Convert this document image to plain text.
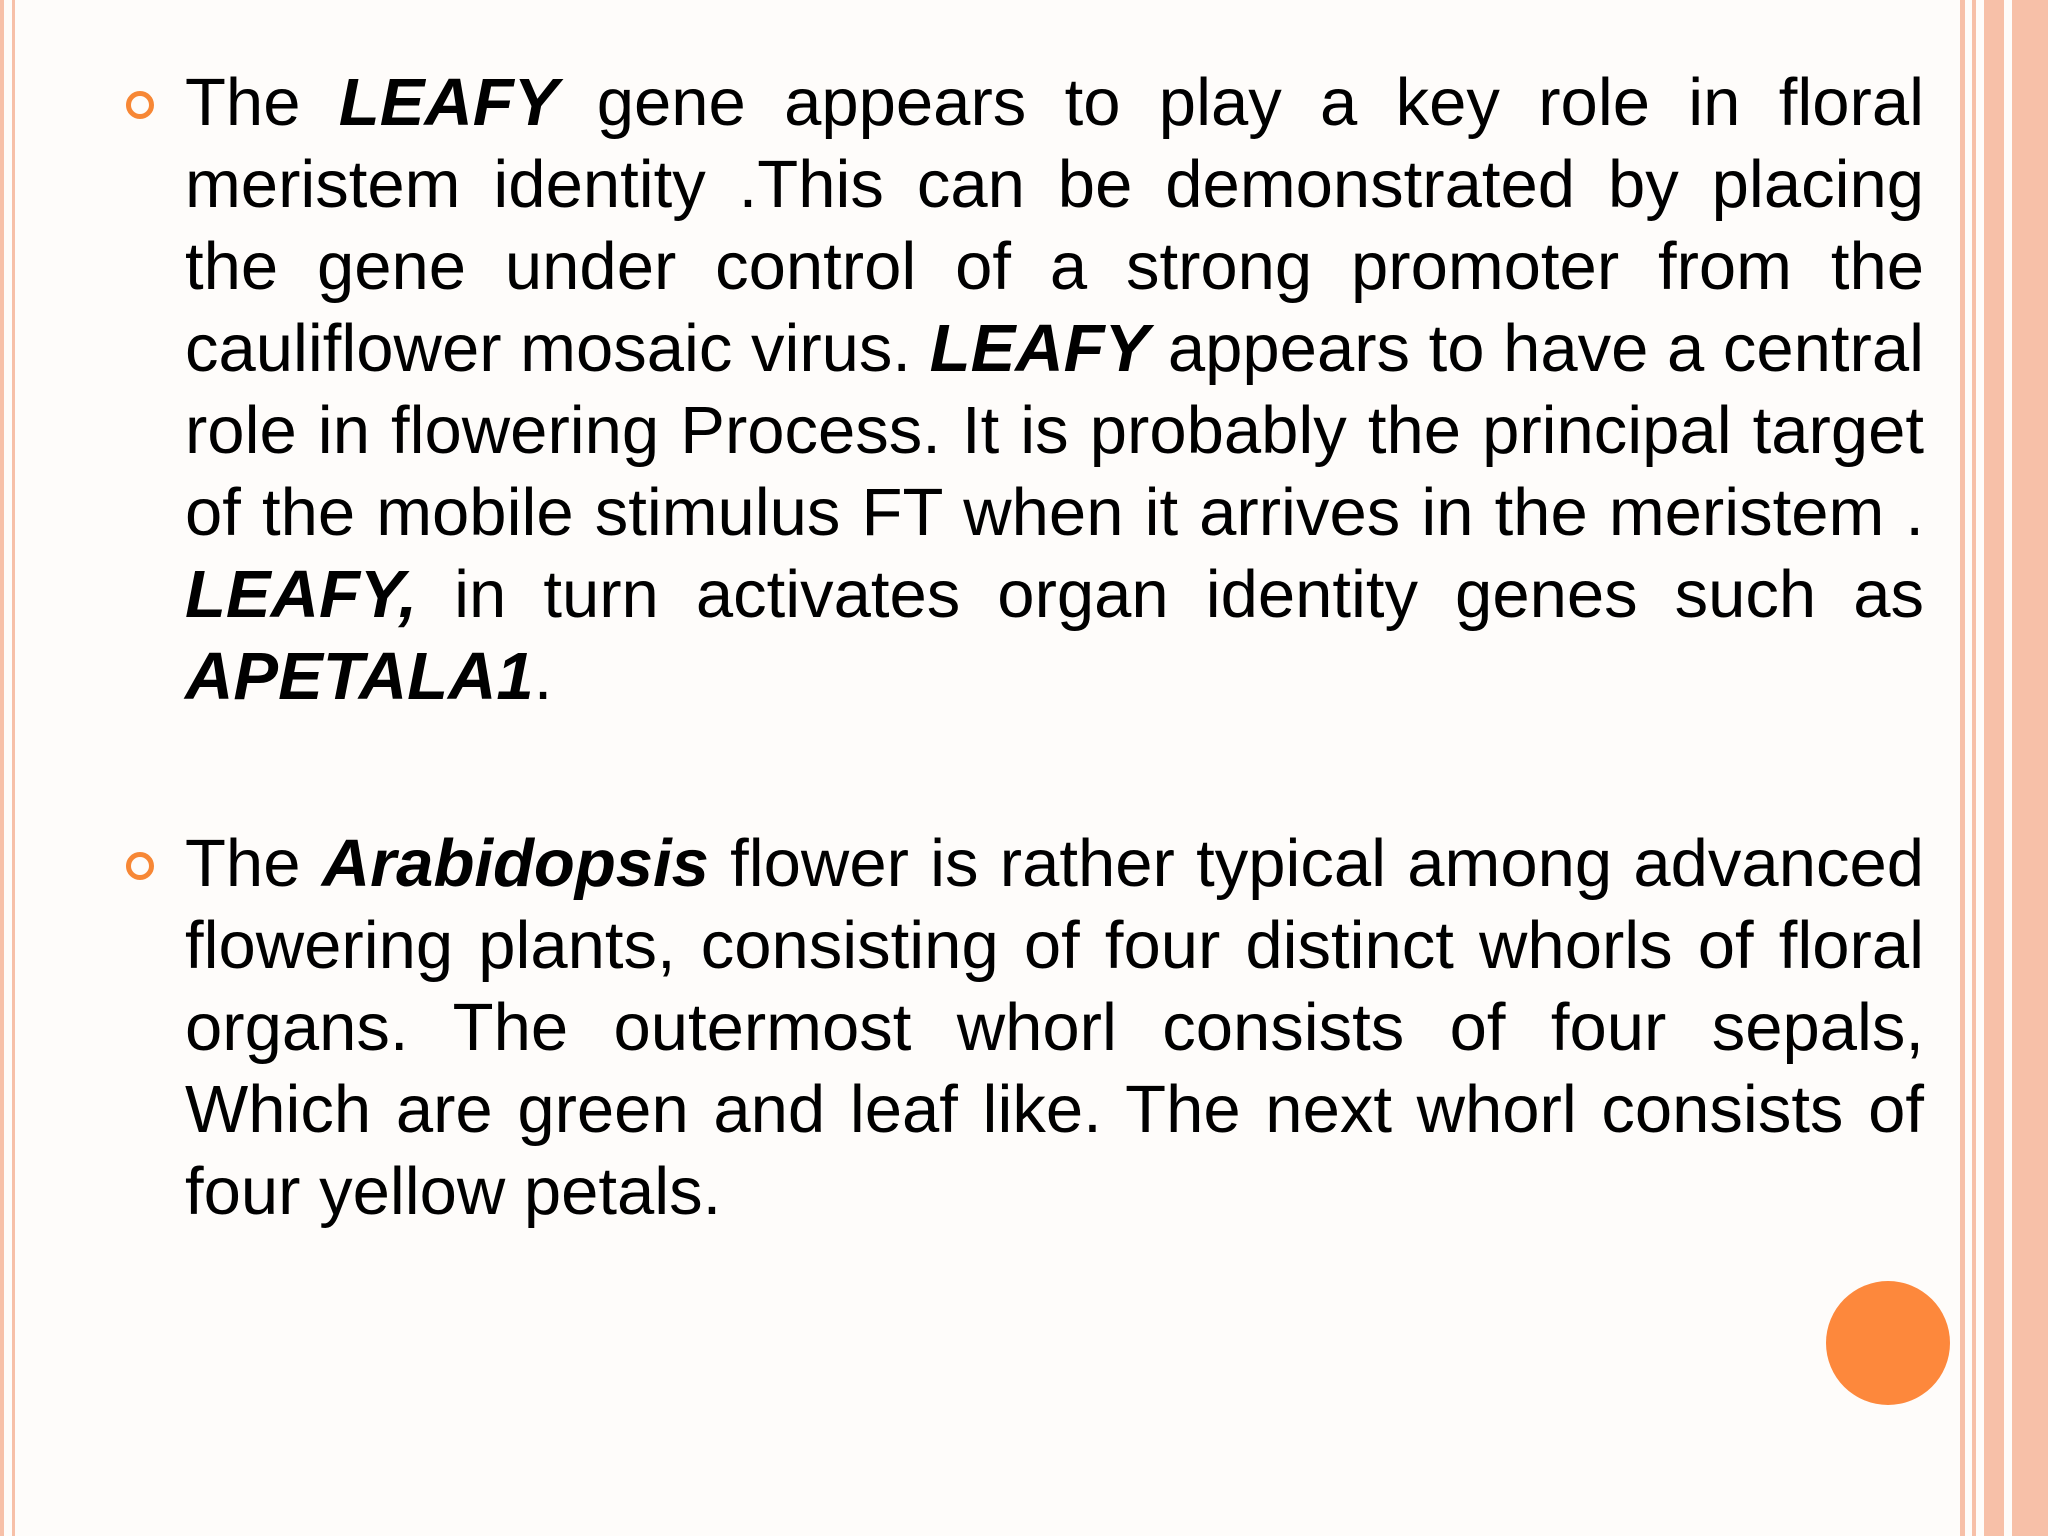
The LEAFY gene appears to play a key role in floral meristem identity .This can be demonstrated by placing the gene under control of a strong promoter from the cauliflower mosaic virus. LEAFY appears to have a central role in flowering Process. It is probably the principal target of the mobile stimulus FT when it arrives in the meristem . LEAFY, in turn activates organ identity genes such as APETALA1.
The Arabidopsis flower is rather typical among advanced flowering plants, consisting of four distinct whorls of floral organs. The outermost whorl consists of four sepals, Which are green and leaf like. The next whorl consists of four yellow petals.
